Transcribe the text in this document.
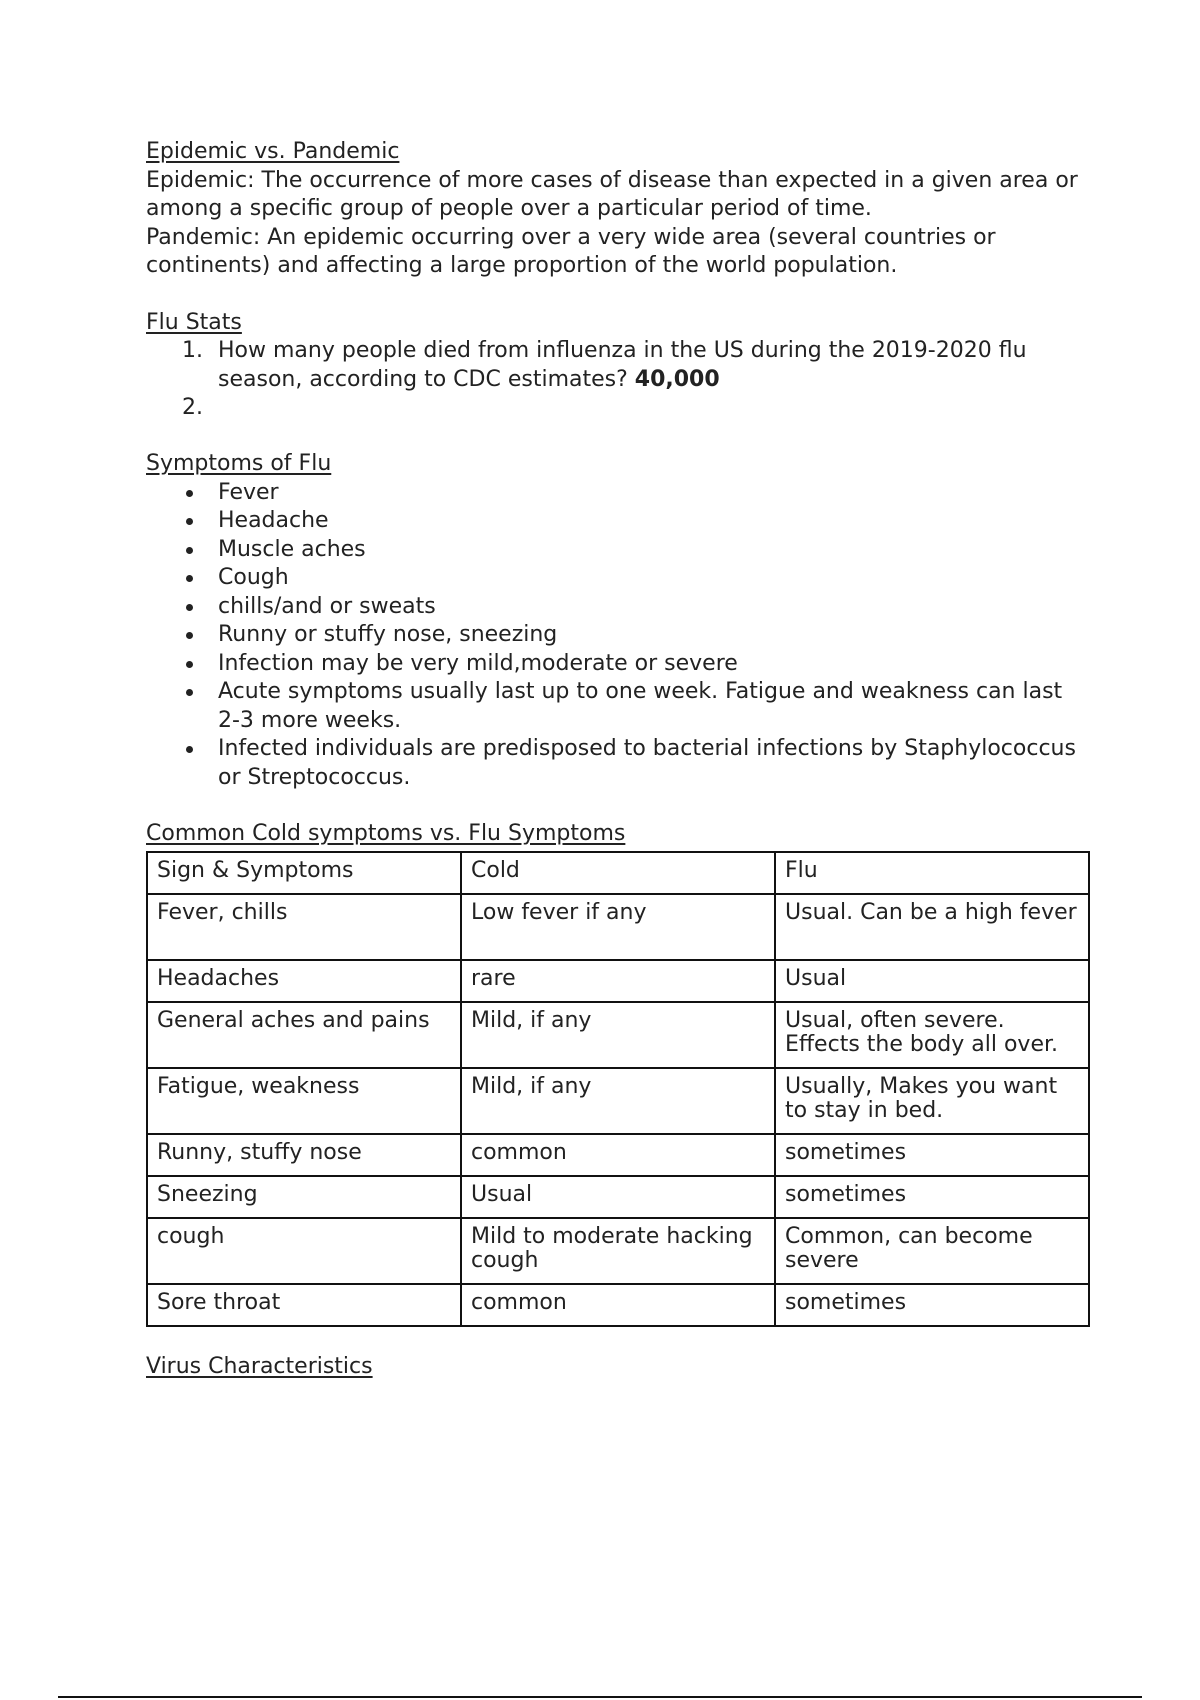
Epidemic vs. Pandemic

Epidemic: The occurrence of more cases of disease than expected in a given area or among a specific group of people over a particular period of time.

Pandemic: An epidemic occurring over a very wide area (several countries or continents) and affecting a large proportion of the world population.

Flu Stats
1. How many people died from influenza in the US during the 2019-2020 flu season, according to CDC estimates? 40,000
2.
Symptoms of Flu
Fever
Headache
Muscle aches
Cough
chills/and or sweats
Runny or stuffy nose, sneezing
Infection may be very mild,moderate or severe
Acute symptoms usually last up to one week. Fatigue and weakness can last 2-3 more weeks.
Infected individuals are predisposed to bacterial infections by Staphylococcus or Streptococcus.
Common Cold symptoms vs. Flu Symptoms
Sign & Symptoms	Cold	Flu
Fever, chills	Low fever if any	Usual. Can be a high fever
Headaches	rare	Usual
General aches and pains	Mild, if any	Usual, often severe. Effects the body all over.
Fatigue, weakness	Mild, if any	Usually, Makes you want to stay in bed.
Runny, stuffy nose	common	sometimes
Sneezing	Usual	sometimes
cough	Mild to moderate hacking cough	Common, can become severe
Sore throat	common	sometimes
Virus Characteristics
